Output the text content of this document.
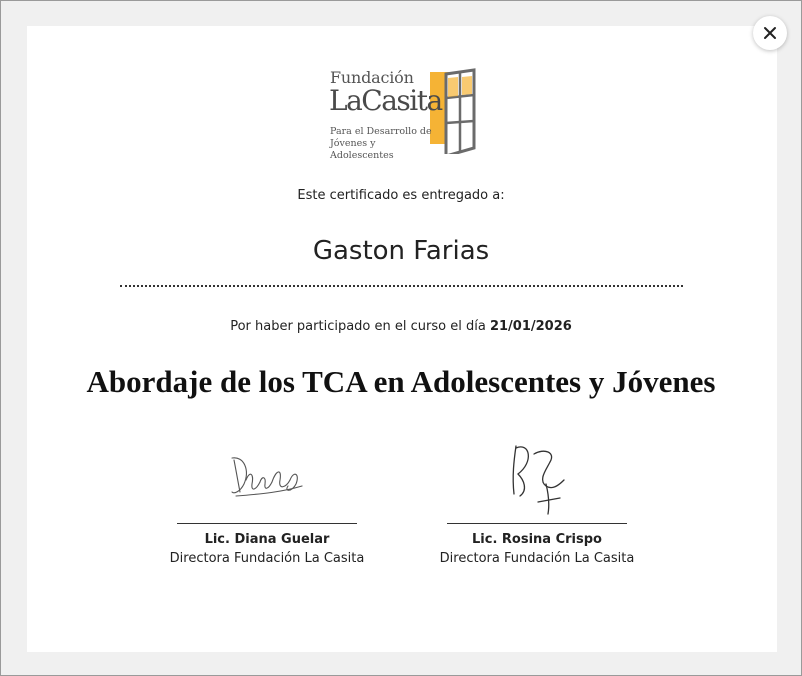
Fundación
LaCasita
Para el Desarrollo de
Jóvenes y Adolescentes
Este certificado es entregado a:
Gaston Farias
Por haber participado en el curso el día 21/01/2026
Abordaje de los TCA en Adolescentes y Jóvenes
Lic. Diana Guelar
Directora Fundación La Casita
Lic. Rosina Crispo
Directora Fundación La Casita
